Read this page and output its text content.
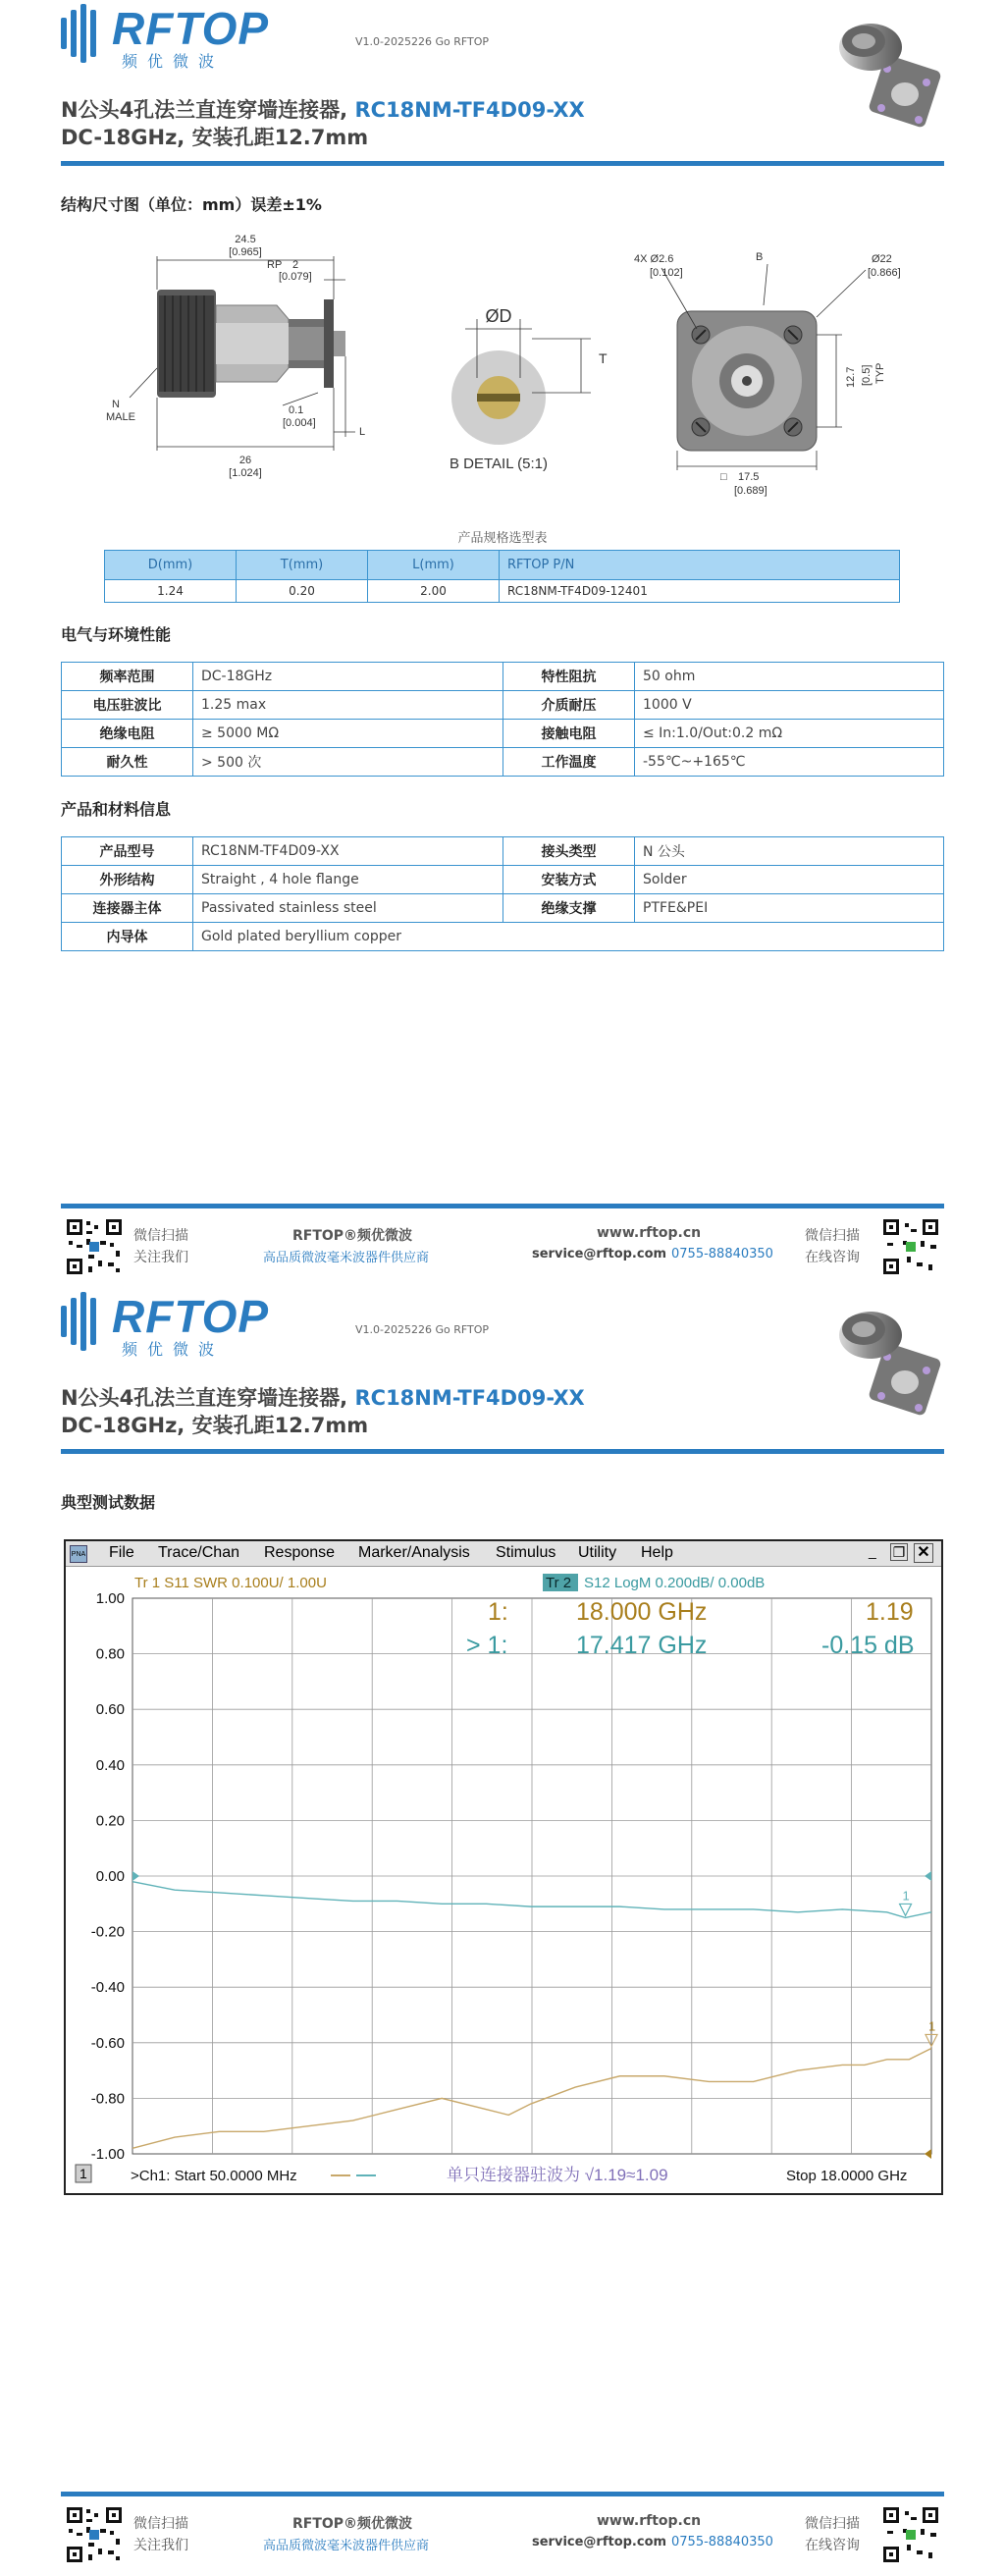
RFTOP
频优微波
V1.0-2025226 Go RFTOP
N公头4孔法兰直连穿墙连接器, RC18NM-TF4D09-XX
DC-18GHz, 安装孔距12.7mm
结构尺寸图（单位：mm）误差±1%
24.5
[0.965]
RP 2
[0.079]
N
MALE
0.1
[0.004]
L
26
[1.024]
ØD
T
B DETAIL (5:1)
4X Ø2.6
[0.102]
B	Ø22
[0.866]
12.7 [0.5] TYP
17.5
[0.689]
□
产品规格选型表
D(mm)	T(mm)	L(mm)	RFTOP P/N
1.24	0.20	2.00	RC18NM-TF4D09-12401
电气与环境性能
频率范围	DC-18GHz	特性阻抗	50 ohm
电压驻波比	1.25 max	介质耐压	1000 V
绝缘电阻	≥ 5000 MΩ	接触电阻	≤ In:1.0/Out:0.2 mΩ
耐久性	> 500 次	工作温度	-55℃~+165℃
产品和材料信息
产品型号	RC18NM-TF4D09-XX	接头类型	N 公头
外形结构	Straight , 4 hole flange	安装方式	Solder
连接器主体	Passivated stainless steel	绝缘支撑	PTFE&PEI
内导体	Gold plated beryllium copper		
微信扫描
关注我们
RFTOP®频优微波
高品质微波毫米波器件供应商
www.rftop.cn
service@rftop.com 0755-88840350
微信扫描
在线咨询
RFTOP
频优微波
V1.0-2025226 Go RFTOP
N公头4孔法兰直连穿墙连接器, RC18NM-TF4D09-XX
DC-18GHz, 安装孔距12.7mm
典型测试数据
PNA File Trace/Chan Response Marker/Analysis Stimulus Utility Help	_ ❐ ✕
1.00
0.80
0.60
0.40
0.20
0.00
-0.20
-0.40
-0.60
-0.80
-1.00
Tr 1 S11 SWR 0.100U/ 1.00U	Tr 2 S12 LogM 0.200dB/ 0.00dB
1:	18.000 GHz	1.19
> 1:	17.417 GHz	-0.15 dB
1
1
1	>Ch1: Start 50.0000 MHz	单只连接器驻波为 √1.19≈1.09	Stop 18.0000 GHz
微信扫描
关注我们
RFTOP®频优微波
高品质微波毫米波器件供应商
www.rftop.cn
service@rftop.com 0755-88840350
微信扫描
在线咨询
